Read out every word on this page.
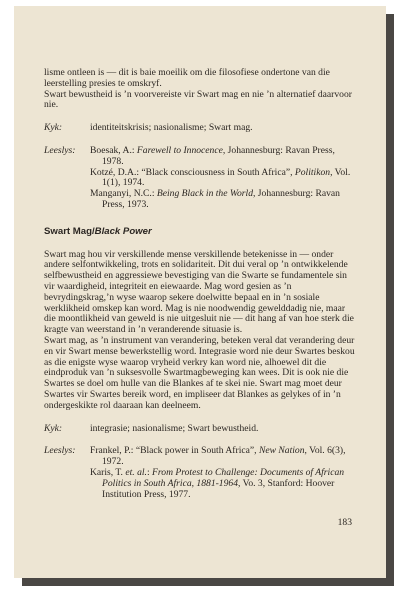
lisme ontleen is — dit is baie moeilik om die filosofiese ondertone van die leerstelling presies te omskryf.

Swart bewustheid is ’n voorvereiste vir Swart mag en nie ’n alternatief daarvoor nie.

Kyk:	identiteitskrisis; nasionalisme; Swart mag.
Leeslys:	Boesak, A.: Farewell to Innocence, Johannesburg: Ravan Press, 1978.

Kotzé, D.A.: “Black consciousness in South Africa”, Politikon, Vol. 1(1), 1974.

Manganyi, N.C.: Being Black in the World, Johannesburg: Ravan Press, 1973.

Swart Mag/Black Power

Swart mag hou vir verskillende mense verskillende betekenisse in — onder andere selfontwikkeling, trots en solidariteit. Dit dui veral op ’n ontwikkelende selfbewustheid en aggressiewe bevestiging van die Swarte se fundamentele sin vir waardigheid, integriteit en eiewaarde. Mag word gesien as ’n bevrydingskrag,’n wyse waarop sekere doelwitte bepaal en in ’n sosiale werklikheid omskep kan word. Mag is nie noodwendig gewelddadig nie, maar die moontlikheid van geweld is nie uitgesluit nie — dit hang af van hoe sterk die kragte van weerstand in ’n veranderende situasie is.

Swart mag, as ’n instrument van verandering, beteken veral dat verandering deur en vir Swart mense bewerkstellig word. Integrasie word nie deur Swartes beskou as die enigste wyse waarop vryheid verkry kan word nie, alhoewel dit die eindproduk van ’n suksesvolle Swartmagbeweging kan wees. Dit is ook nie die Swartes se doel om hulle van die Blankes af te skei nie. Swart mag moet deur Swartes vir Swartes bereik word, en impliseer dat Blankes as gelykes of in ’n ondergeskikte rol daaraan kan deelneem.

Kyk:	integrasie; nasionalisme; Swart bewustheid.
Leeslys:	Frankel, P.: “Black power in South Africa”, New Nation, Vol. 6(3), 1972.

Karis, T. et. al.: From Protest to Challenge: Documents of African Politics in South Africa, 1881-1964, Vo. 3, Stanford: Hoover Institution Press, 1977.

183
